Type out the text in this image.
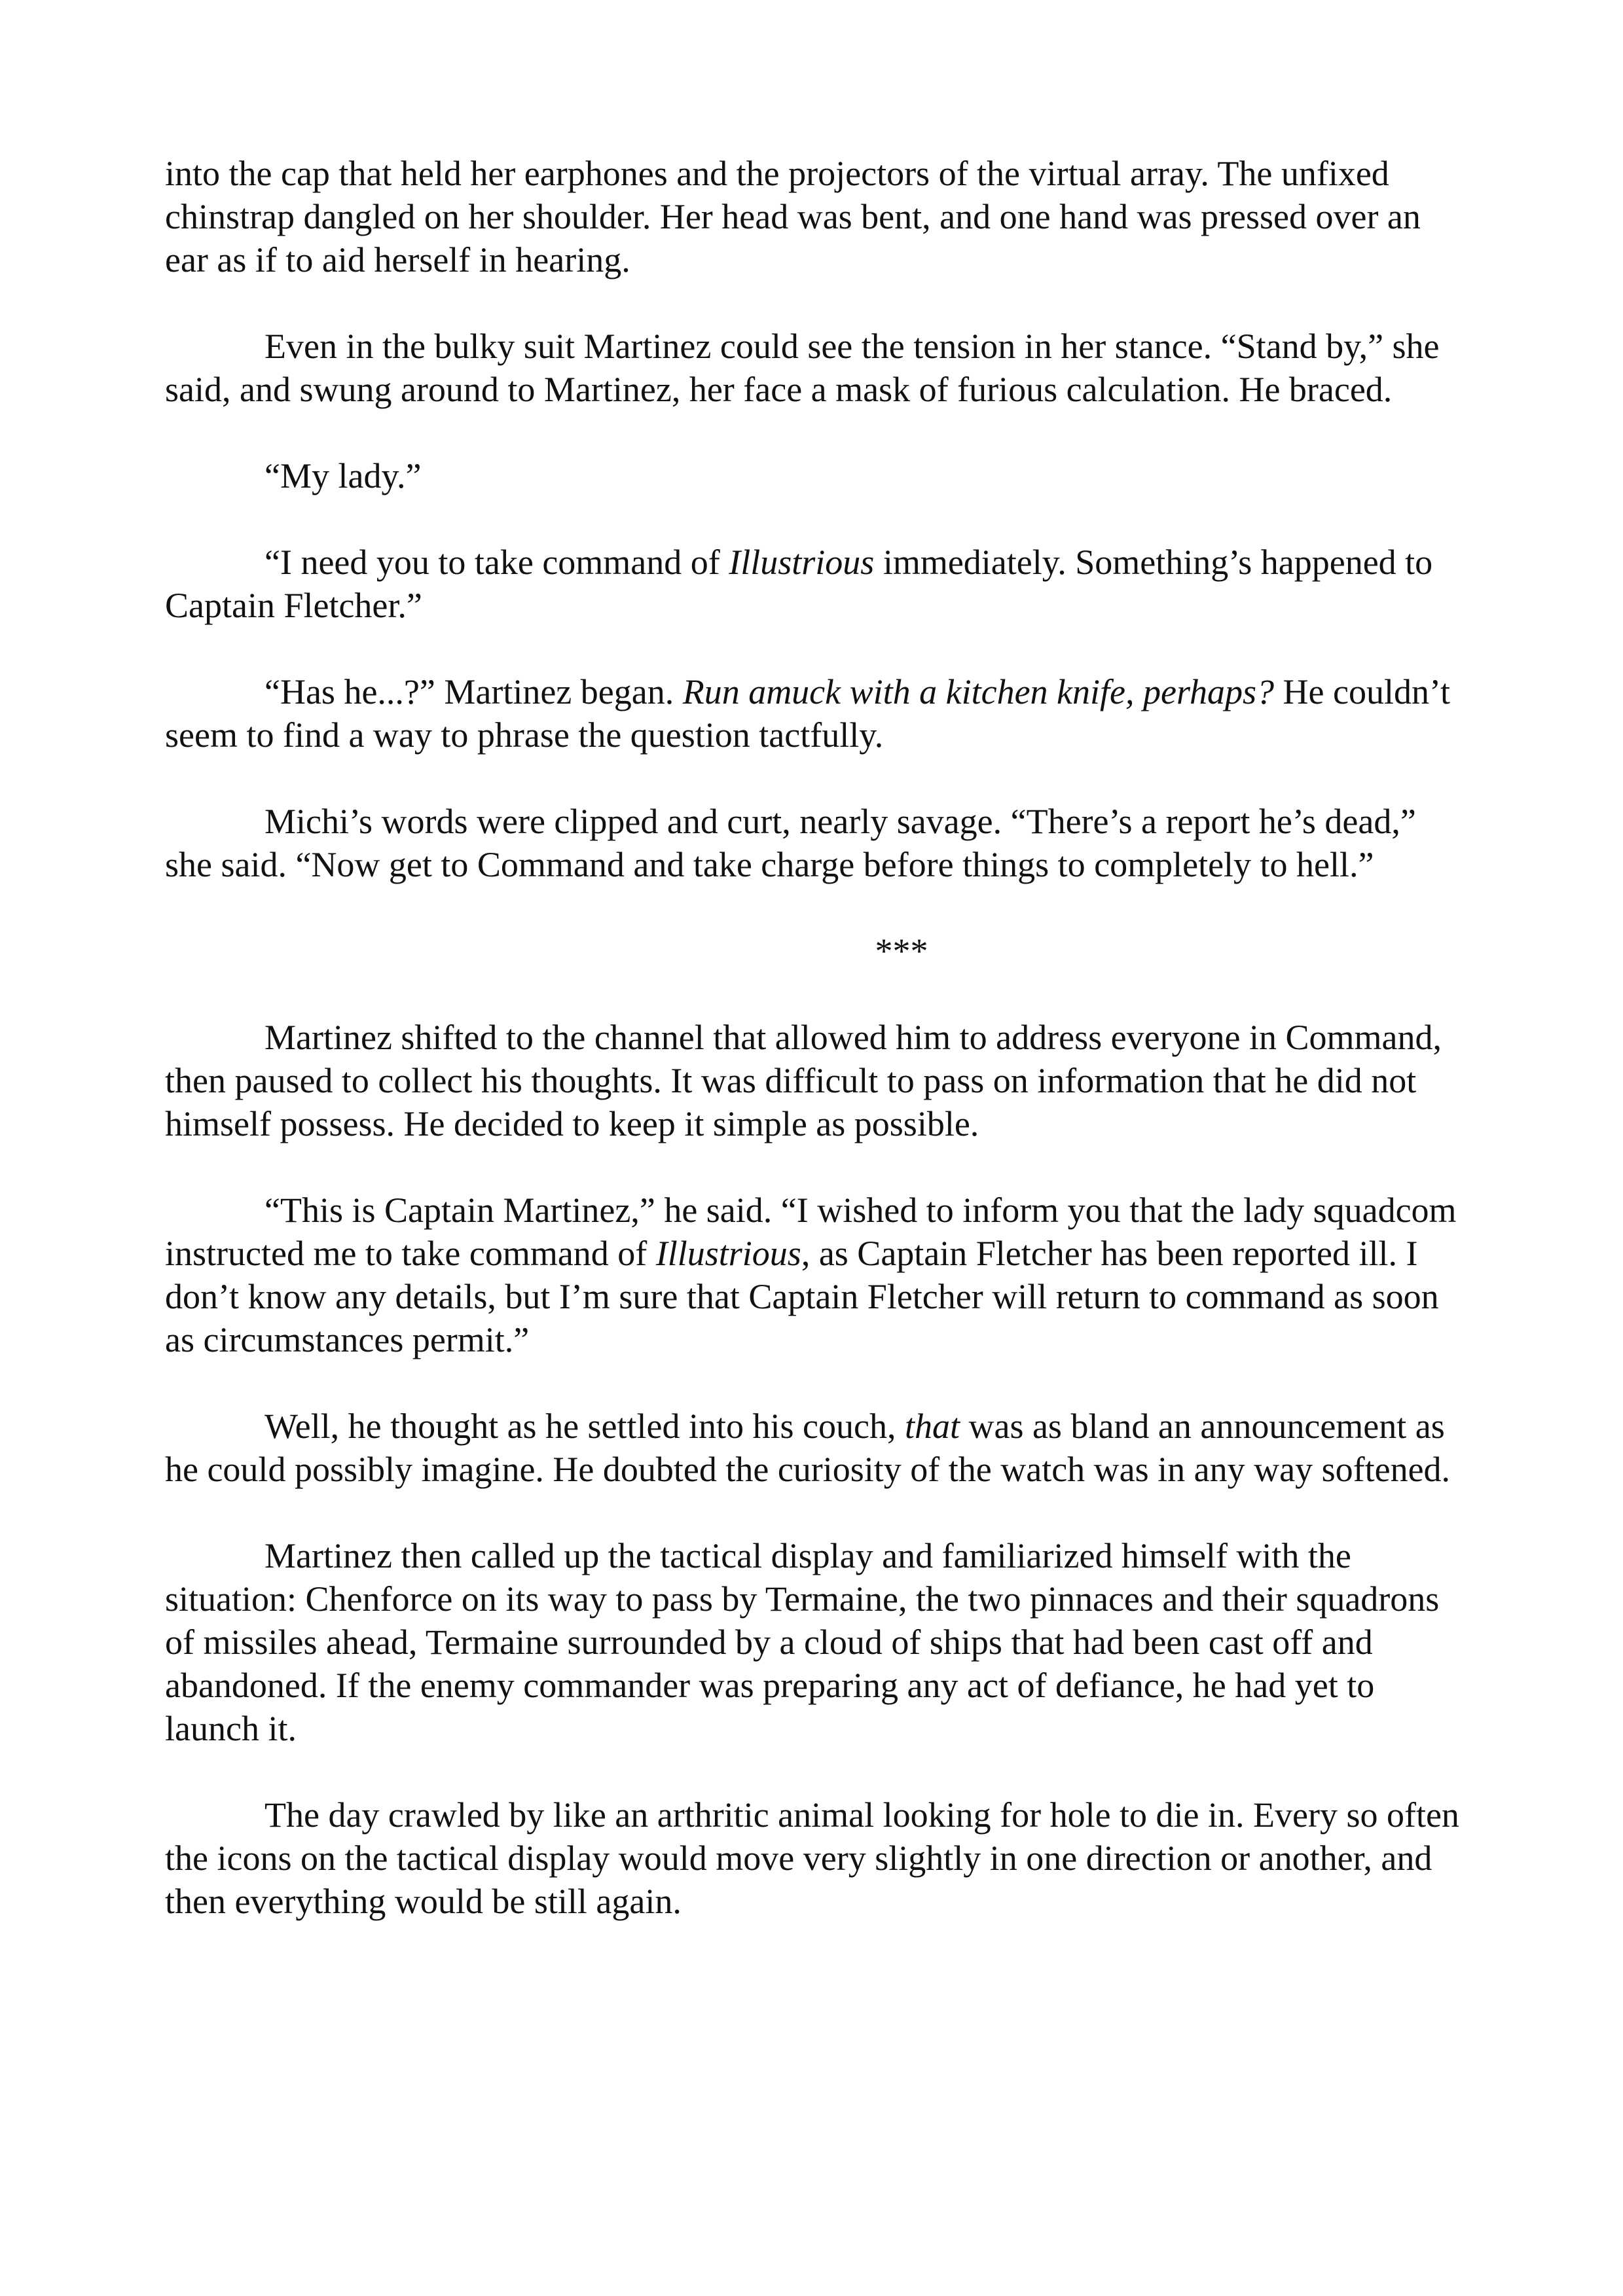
into the cap that held her earphones and the projectors of the virtual array. The unfixed chinstrap dangled on her shoulder. Her head was bent, and one hand was pressed over an ear as if to aid herself in hearing.

Even in the bulky suit Martinez could see the tension in her stance. “Stand by,” she said, and swung around to Martinez, her face a mask of furious calculation. He braced.

“My lady.”

“I need you to take command of Illustrious immediately. Something’s happened to Captain Fletcher.”

“Has he...?” Martinez began. Run amuck with a kitchen knife, perhaps? He couldn’t seem to find a way to phrase the question tactfully.

Michi’s words were clipped and curt, nearly savage. “There’s a report he’s dead,” she said. “Now get to Command and take charge before things to completely to hell.”

***

Martinez shifted to the channel that allowed him to address everyone in Command, then paused to collect his thoughts. It was difficult to pass on information that he did not himself possess. He decided to keep it simple as possible.

“This is Captain Martinez,” he said. “I wished to inform you that the lady squadcom instructed me to take command of Illustrious, as Captain Fletcher has been reported ill. I don’t know any details, but I’m sure that Captain Fletcher will return to command as soon as circumstances permit.”

Well, he thought as he settled into his couch, that was as bland an announcement as he could possibly imagine. He doubted the curiosity of the watch was in any way softened.

Martinez then called up the tactical display and familiarized himself with the situation: Chenforce on its way to pass by Termaine, the two pinnaces and their squadrons of missiles ahead, Termaine surrounded by a cloud of ships that had been cast off and abandoned. If the enemy commander was preparing any act of defiance, he had yet to launch it.

The day crawled by like an arthritic animal looking for hole to die in. Every so often the icons on the tactical display would move very slightly in one direction or another, and then everything would be still again.
